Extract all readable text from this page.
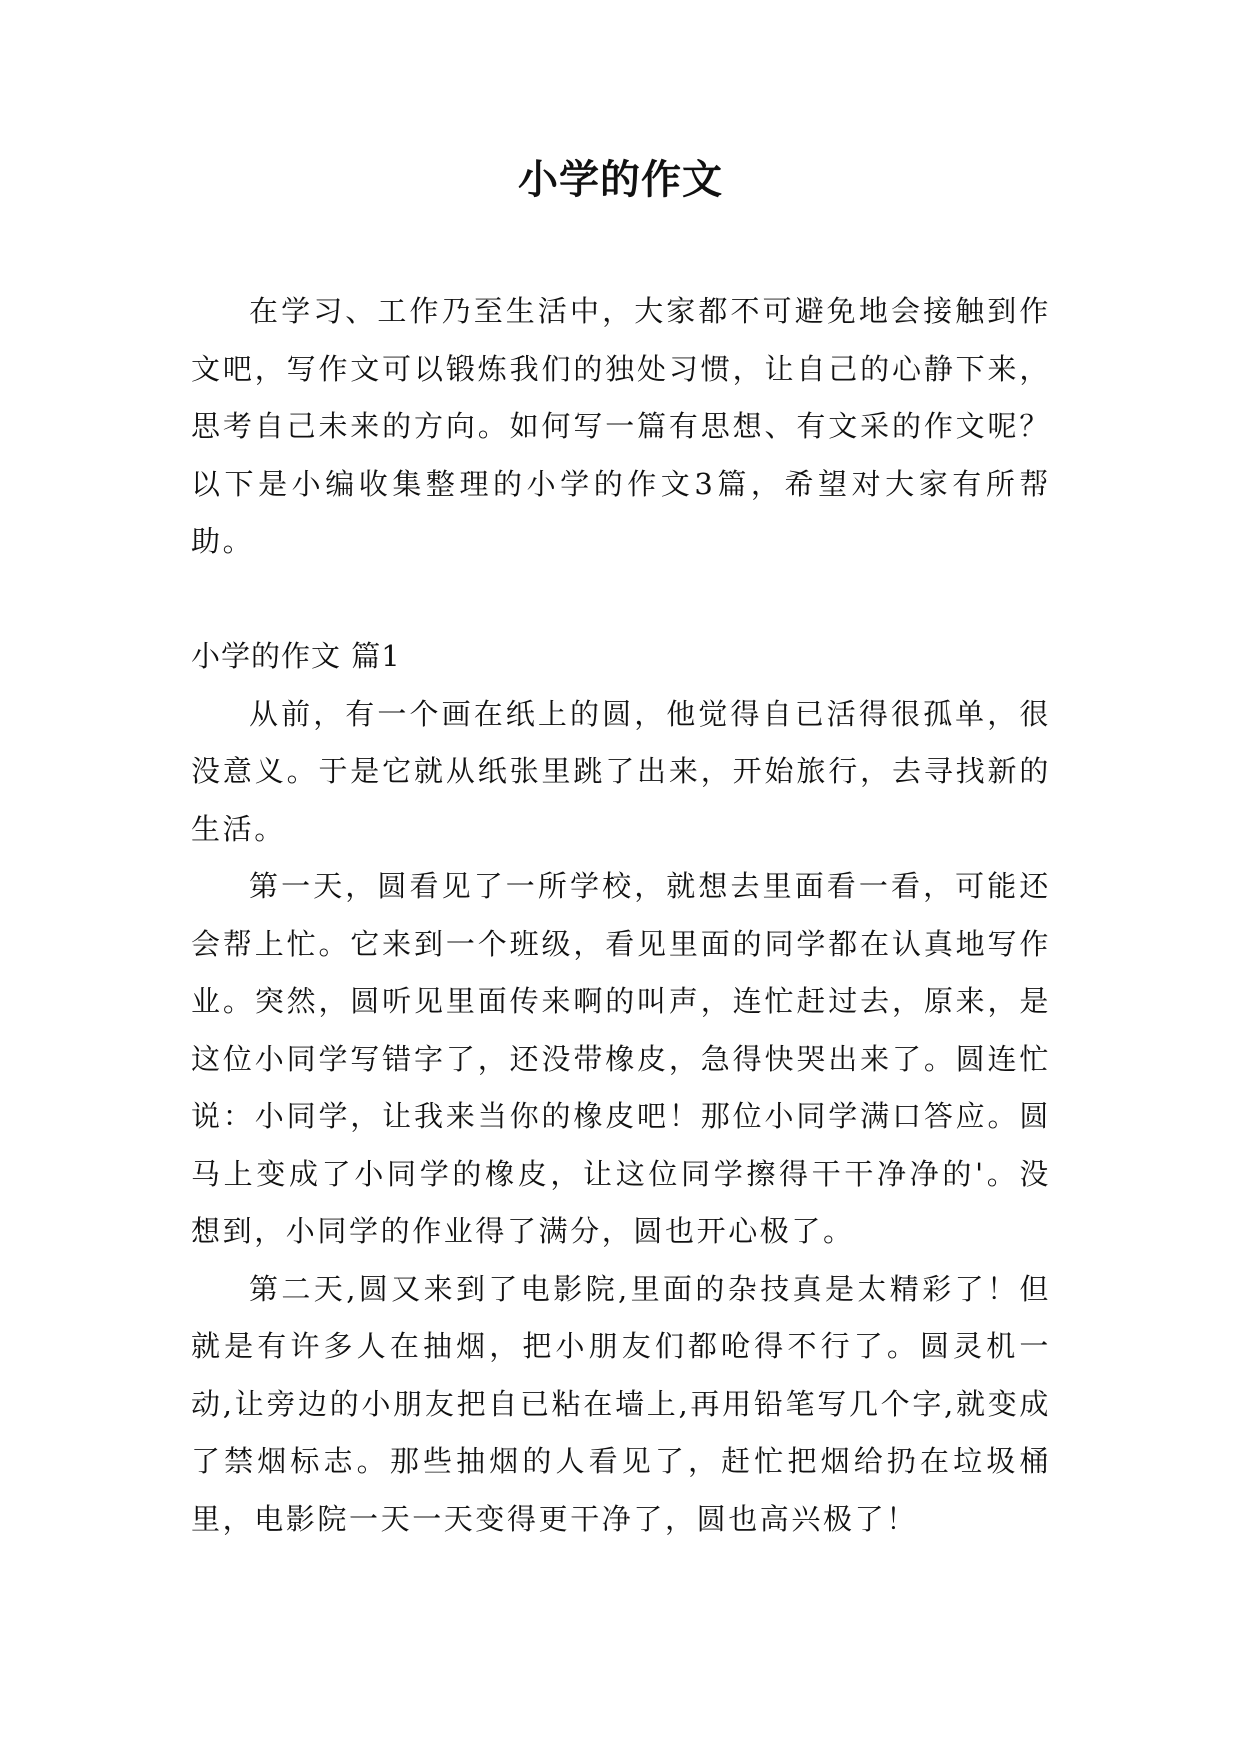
小学的作文

在学习、工作乃至生活中，大家都不可避免地会接触到作文吧，写作文可以锻炼我们的独处习惯，让自己的心静下来，思考自己未来的方向。如何写一篇有思想、有文采的作文呢？以下是小编收集整理的小学的作文3篇，希望对大家有所帮助。

小学的作文 篇1

从前，有一个画在纸上的圆，他觉得自已活得很孤单，很没意义。于是它就从纸张里跳了出来，开始旅行，去寻找新的生活。

第一天，圆看见了一所学校，就想去里面看一看，可能还会帮上忙。它来到一个班级，看见里面的同学都在认真地写作业。突然，圆听见里面传来啊的叫声，连忙赶过去，原来，是这位小同学写错字了，还没带橡皮，急得快哭出来了。圆连忙说：小同学，让我来当你的橡皮吧！那位小同学满口答应。圆马上变成了小同学的橡皮，让这位同学擦得干干净净的'。没想到，小同学的作业得了满分，圆也开心极了。

第二天,圆又来到了电影院,里面的杂技真是太精彩了！但就是有许多人在抽烟，把小朋友们都呛得不行了。圆灵机一动,让旁边的小朋友把自已粘在墙上,再用铅笔写几个字,就变成了禁烟标志。那些抽烟的人看见了，赶忙把烟给扔在垃圾桶里，电影院一天一天变得更干净了，圆也高兴极了！
